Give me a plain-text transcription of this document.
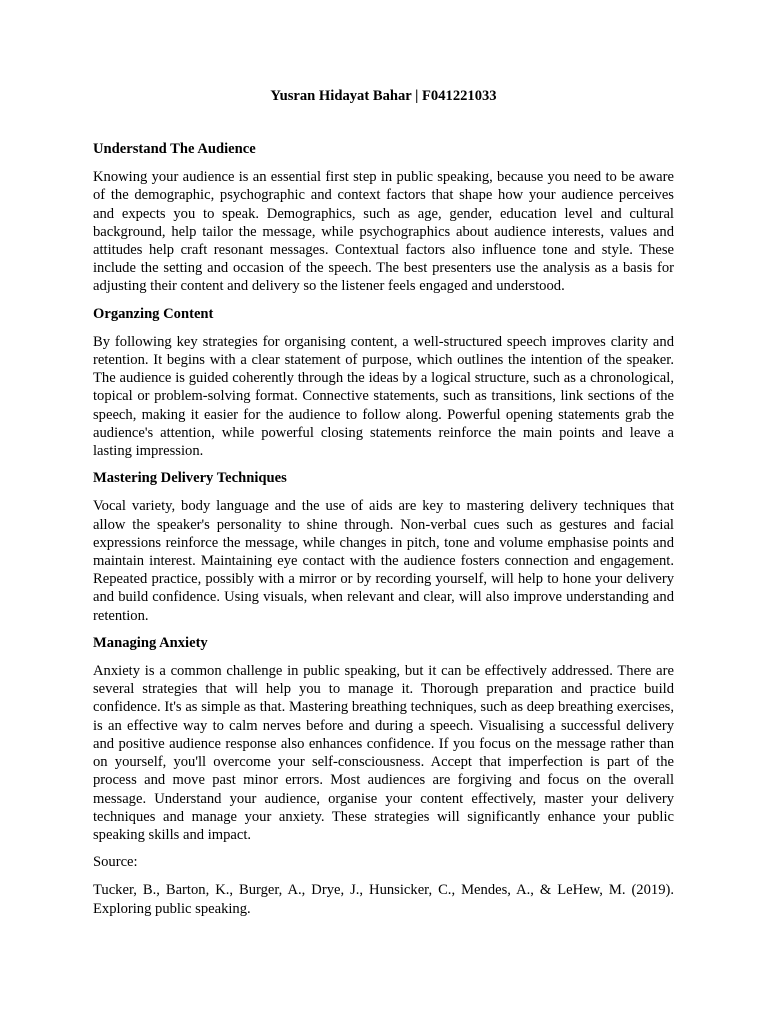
Yusran Hidayat Bahar | F041221033
Understand The Audience
Knowing your audience is an essential first step in public speaking, because you need to be aware of the demographic, psychographic and context factors that shape how your audience perceives and expects you to speak. Demographics, such as age, gender, education level and cultural background, help tailor the message, while psychographics about audience interests, values and attitudes help craft resonant messages. Contextual factors also influence tone and style. These include the setting and occasion of the speech. The best presenters use the analysis as a basis for adjusting their content and delivery so the listener feels engaged and understood.
Organzing Content
By following key strategies for organising content, a well-structured speech improves clarity and retention. It begins with a clear statement of purpose, which outlines the intention of the speaker. The audience is guided coherently through the ideas by a logical structure, such as a chronological, topical or problem-solving format. Connective statements, such as transitions, link sections of the speech, making it easier for the audience to follow along. Powerful opening statements grab the audience's attention, while powerful closing statements reinforce the main points and leave a lasting impression.
Mastering Delivery Techniques
Vocal variety, body language and the use of aids are key to mastering delivery techniques that allow the speaker's personality to shine through. Non-verbal cues such as gestures and facial expressions reinforce the message, while changes in pitch, tone and volume emphasise points and maintain interest. Maintaining eye contact with the audience fosters connection and engagement. Repeated practice, possibly with a mirror or by recording yourself, will help to hone your delivery and build confidence. Using visuals, when relevant and clear, will also improve understanding and retention.
Managing Anxiety
Anxiety is a common challenge in public speaking, but it can be effectively addressed. There are several strategies that will help you to manage it. Thorough preparation and practice build confidence. It's as simple as that. Mastering breathing techniques, such as deep breathing exercises, is an effective way to calm nerves before and during a speech. Visualising a successful delivery and positive audience response also enhances confidence. If you focus on the message rather than on yourself, you'll overcome your self-consciousness. Accept that imperfection is part of the process and move past minor errors. Most audiences are forgiving and focus on the overall message. Understand your audience, organise your content effectively, master your delivery techniques and manage your anxiety. These strategies will significantly enhance your public speaking skills and impact.
Source:
Tucker, B., Barton, K., Burger, A., Drye, J., Hunsicker, C., Mendes, A., & LeHew, M. (2019). Exploring public speaking.
